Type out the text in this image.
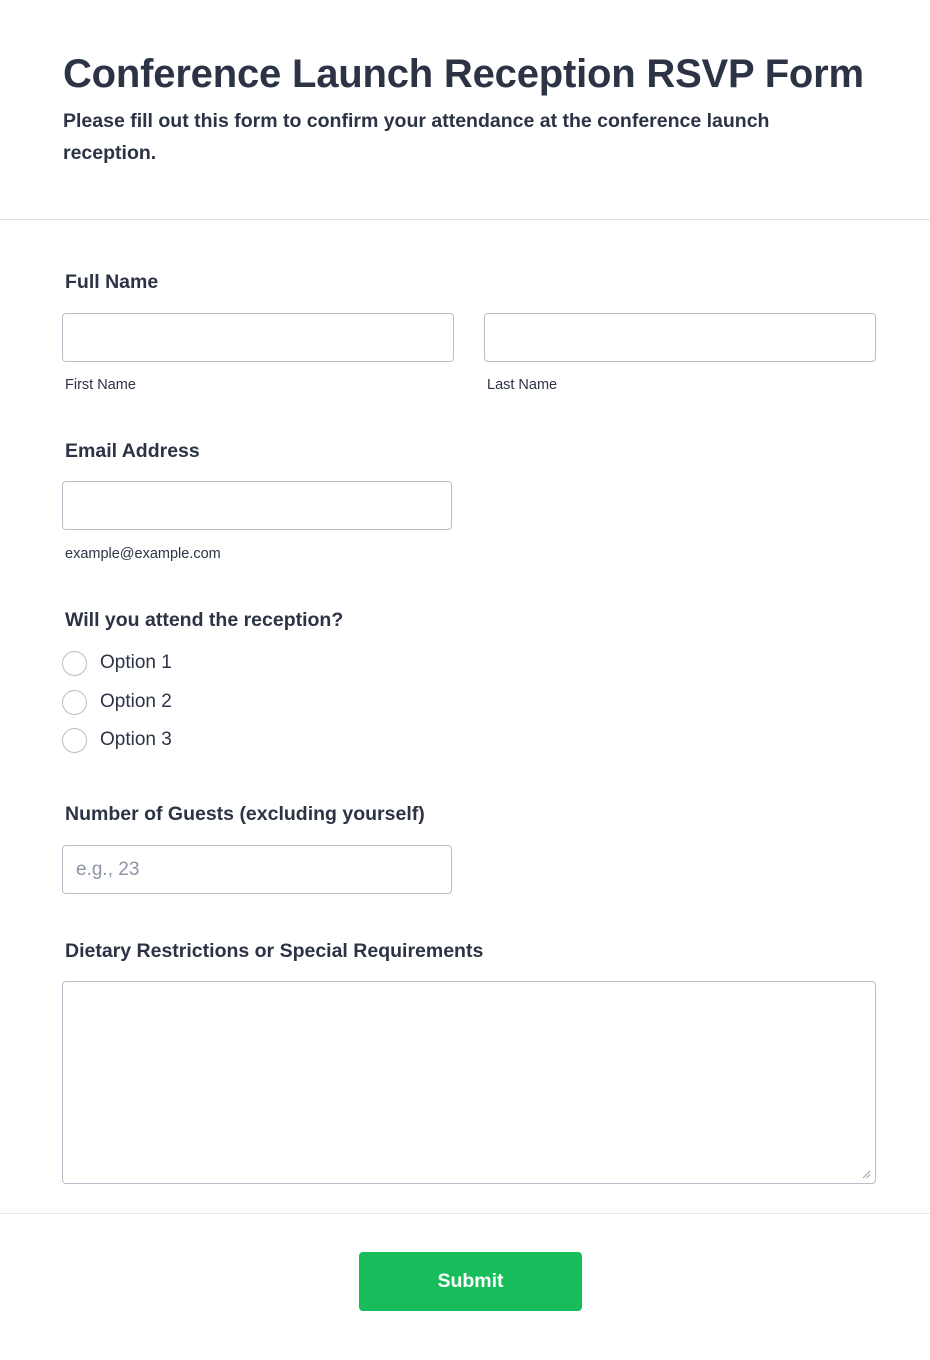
Conference Launch Reception RSVP Form

Please fill out this form to confirm your attendance at the conference launch reception.

Full Name
First Name	Last Name
Email Address
example@example.com
Will you attend the reception?
Option 1
Option 2
Option 3
Number of Guests (excluding yourself)
e.g., 23
Dietary Restrictions or Special Requirements
Submit
